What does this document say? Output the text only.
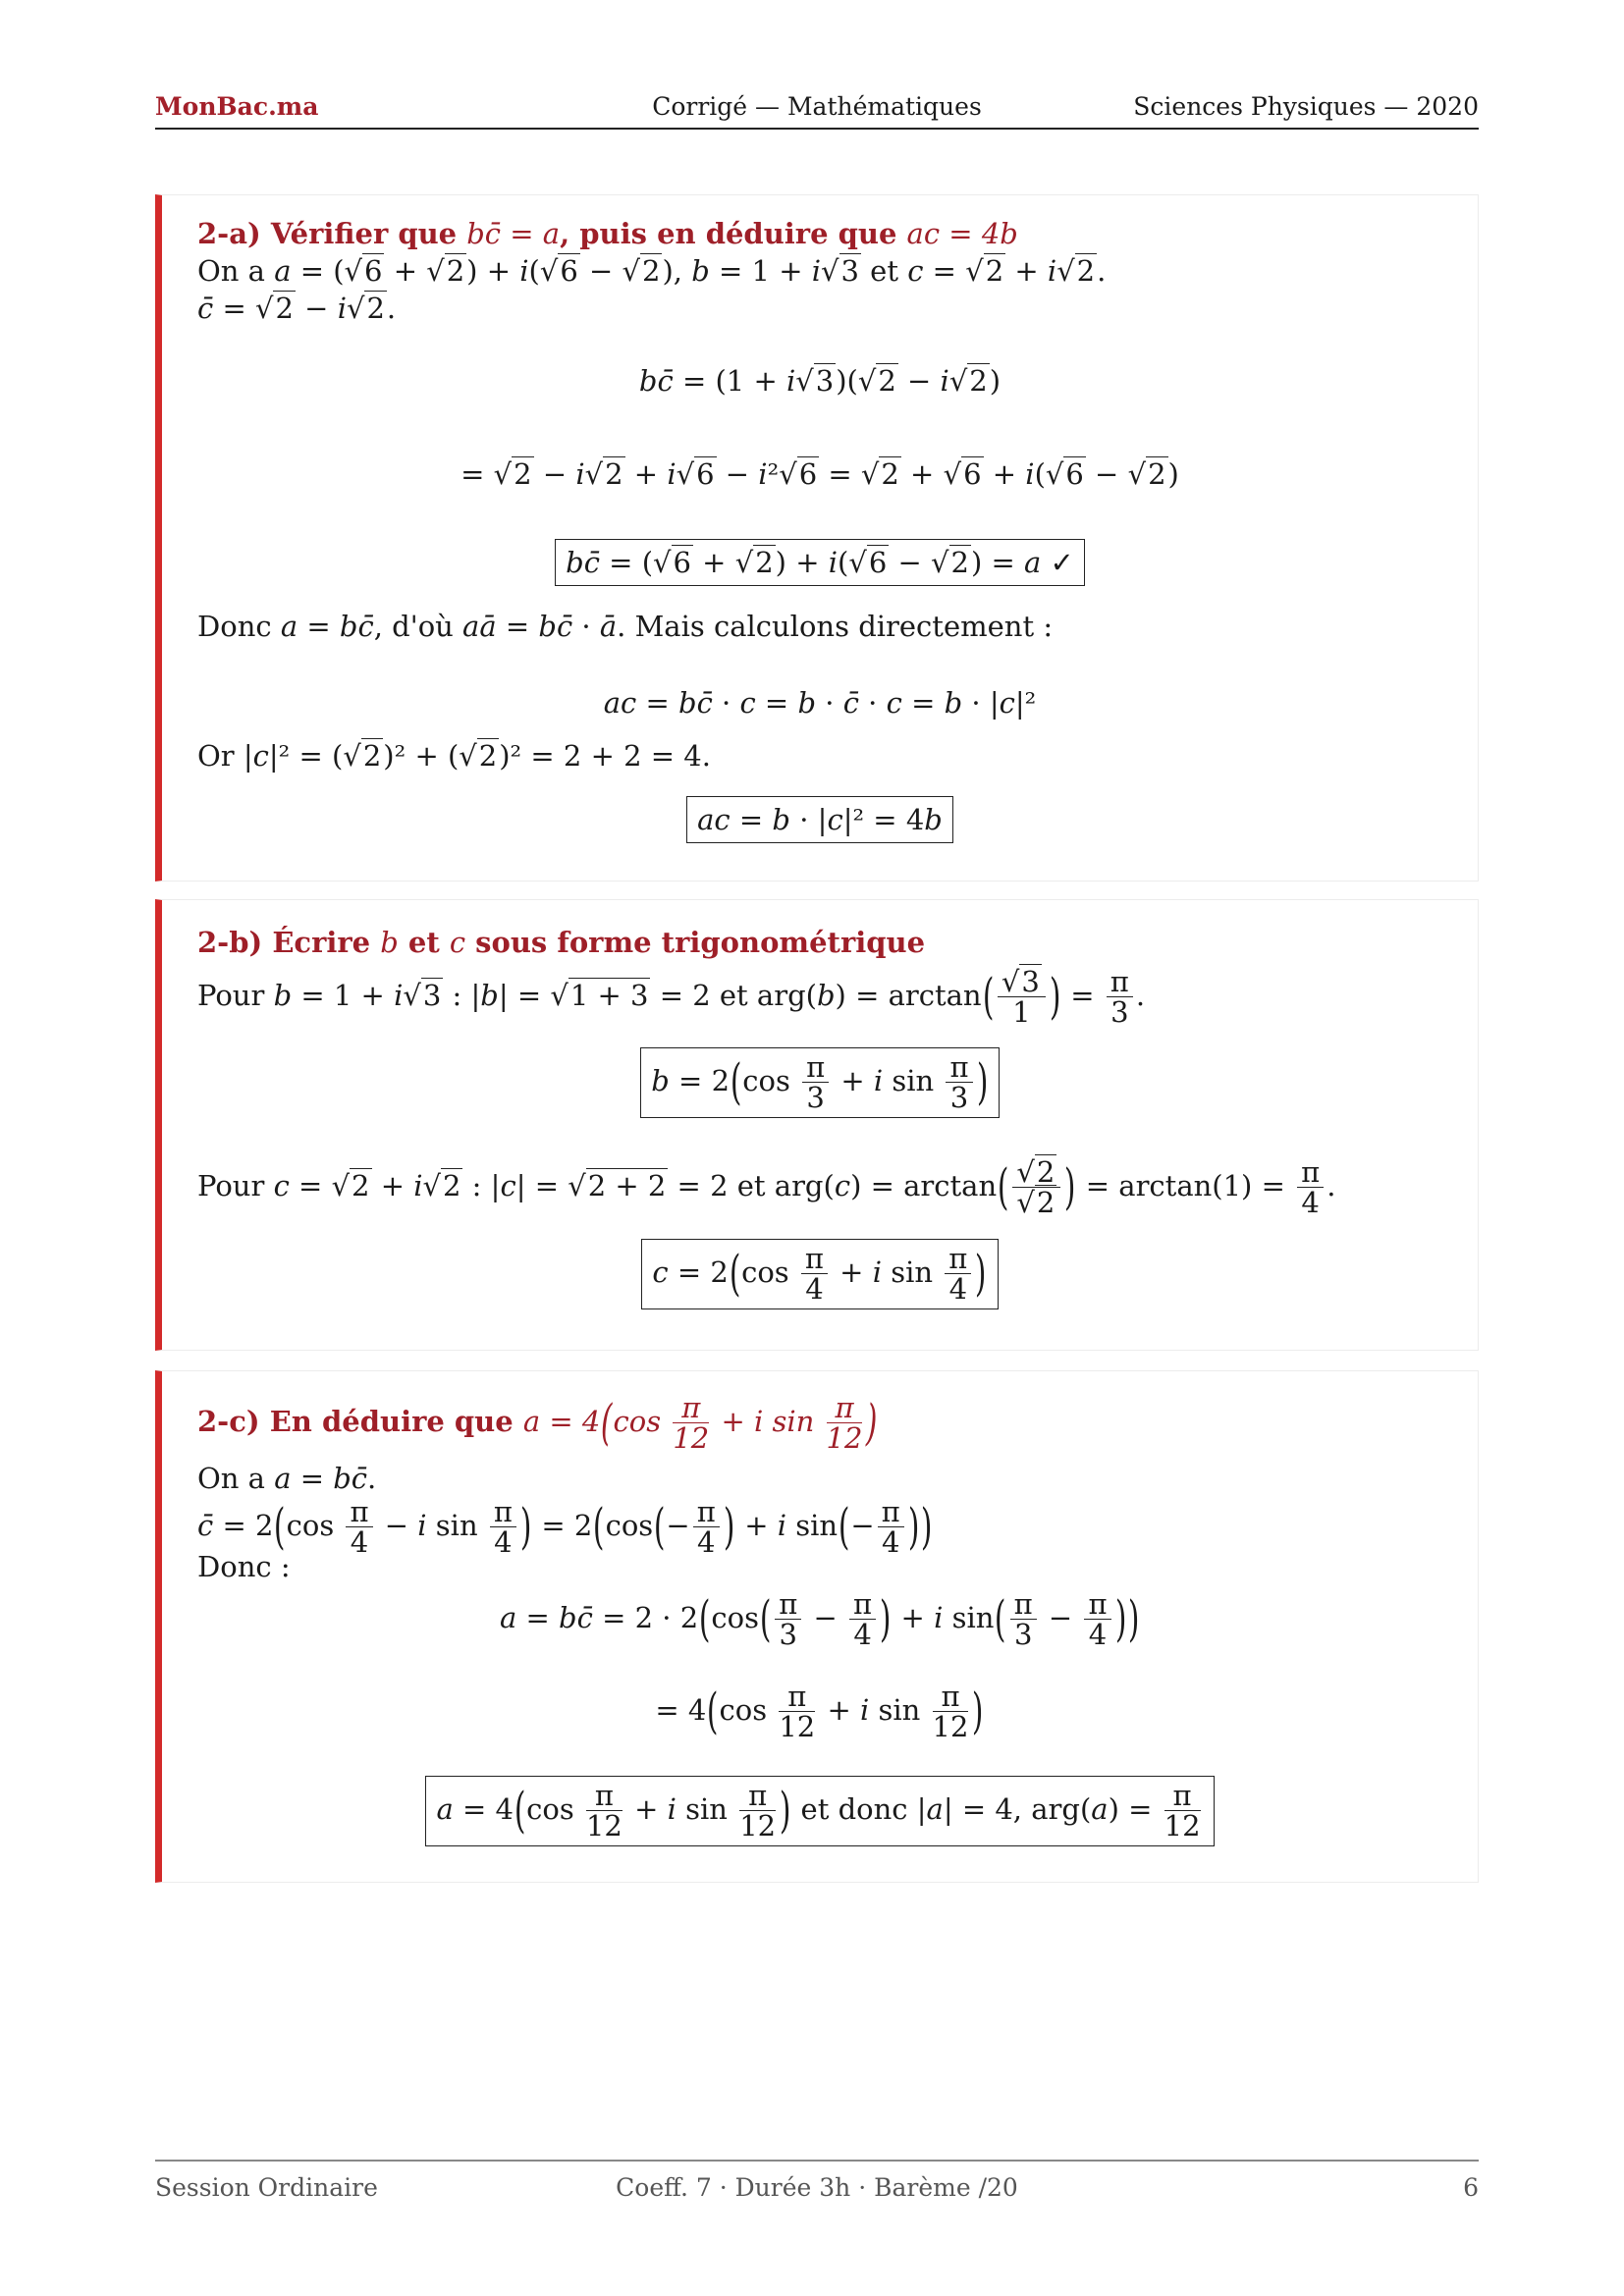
MonBac.ma	Corrigé — Mathématiques	Sciences Physiques — 2020
2-a) Vérifier que bc̄ = a, puis en déduire que ac = 4b
On a a = (√6 + √2) + i(√6 − √2), b = 1 + i√3 et c = √2 + i√2.
c̄ = √2 − i√2.
bc̄ = (1 + i√3)(√2 − i√2)
= √2 − i√2 + i√6 − i²√6 = √2 + √6 + i(√6 − √2)
bc̄ = (√6 + √2) + i(√6 − √2) = a ✓
Donc a = bc̄, d'où aā = bc̄ · ā. Mais calculons directement :
ac = bc̄ · c = b · c̄ · c = b · |c|²
Or |c|² = (√2)² + (√2)² = 2 + 2 = 4.
ac = b · |c|² = 4b
2-b) Écrire b et c sous forme trigonométrique
Pour b = 1 + i√3 : |b| = √1 + 3 = 2 et $arg(b) = \arctan( \frac{√3}{1}$ ) = $\frac{\pi}{3}$ .
$b = 2(\cos \frac{\pi}{3} + i$ $\sin \frac{\pi}{3}$ )
Pour c = √2 + i√2 : |c| = √2 + 2 = 2 et $arg(c) = \arctan( \frac{√2}{√2}$ ) = $\arctan(1) = \frac{\pi}{4}$ .
$c = 2(\cos \frac{\pi}{4} + i$ $\sin \frac{\pi}{4}$ )
2-c) En déduire que $a = 4(\cos \frac{\pi}{12} + i$ $\sin \frac{\pi}{12}$ )
On a a = bc̄.
c̄ = $2(\cos \frac{\pi}{4} - i$ $\sin \frac{\pi}{4}$ ) = $2(\cos(- \frac{\pi}{4}$ ) + i $\sin(- \frac{\pi}{4}$ ))
Donc :
a = bc̄ = $2 \cdot 2(\cos( \frac{\pi}{3} - \frac{\pi}{4}$ ) + i $\sin( \frac{\pi}{3} - \frac{\pi}{4}$ ))
= $4(\cos \frac{\pi}{12} + i$ $\sin \frac{\pi}{12}$ )
$a = 4(\cos \frac{\pi}{12} + i$ $\sin \frac{\pi}{12}$ ) et donc |a| = 4, $arg(a) = \frac{\pi}{12}$
Session Ordinaire	Coeff. 7 · Durée 3h · Barème /20	6
